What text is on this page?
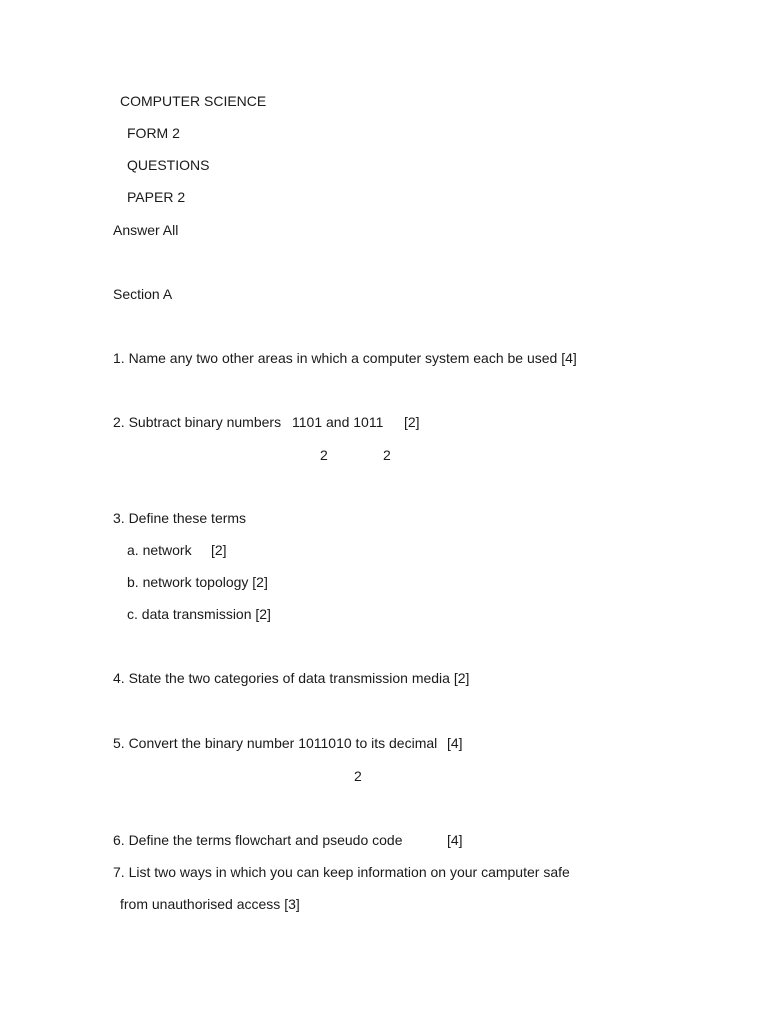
COMPUTER SCIENCE
FORM 2
QUESTIONS
PAPER 2
Answer All
Section A
1. Name any two other areas in which a computer system each be used [4]
2. Subtract binary numbers 1101 and 1011 [2]
2	2
3. Define these terms
a. network [2]
b. network topology [2]
c. data transmission [2]
4. State the two categories of data transmission media [2]
5. Convert the binary number 1011010 to its decimal [4]
2
6. Define the terms flowchart and pseudo code	[4]
7. List two ways in which you can keep information on your camputer safe
from unauthorised access [3]
